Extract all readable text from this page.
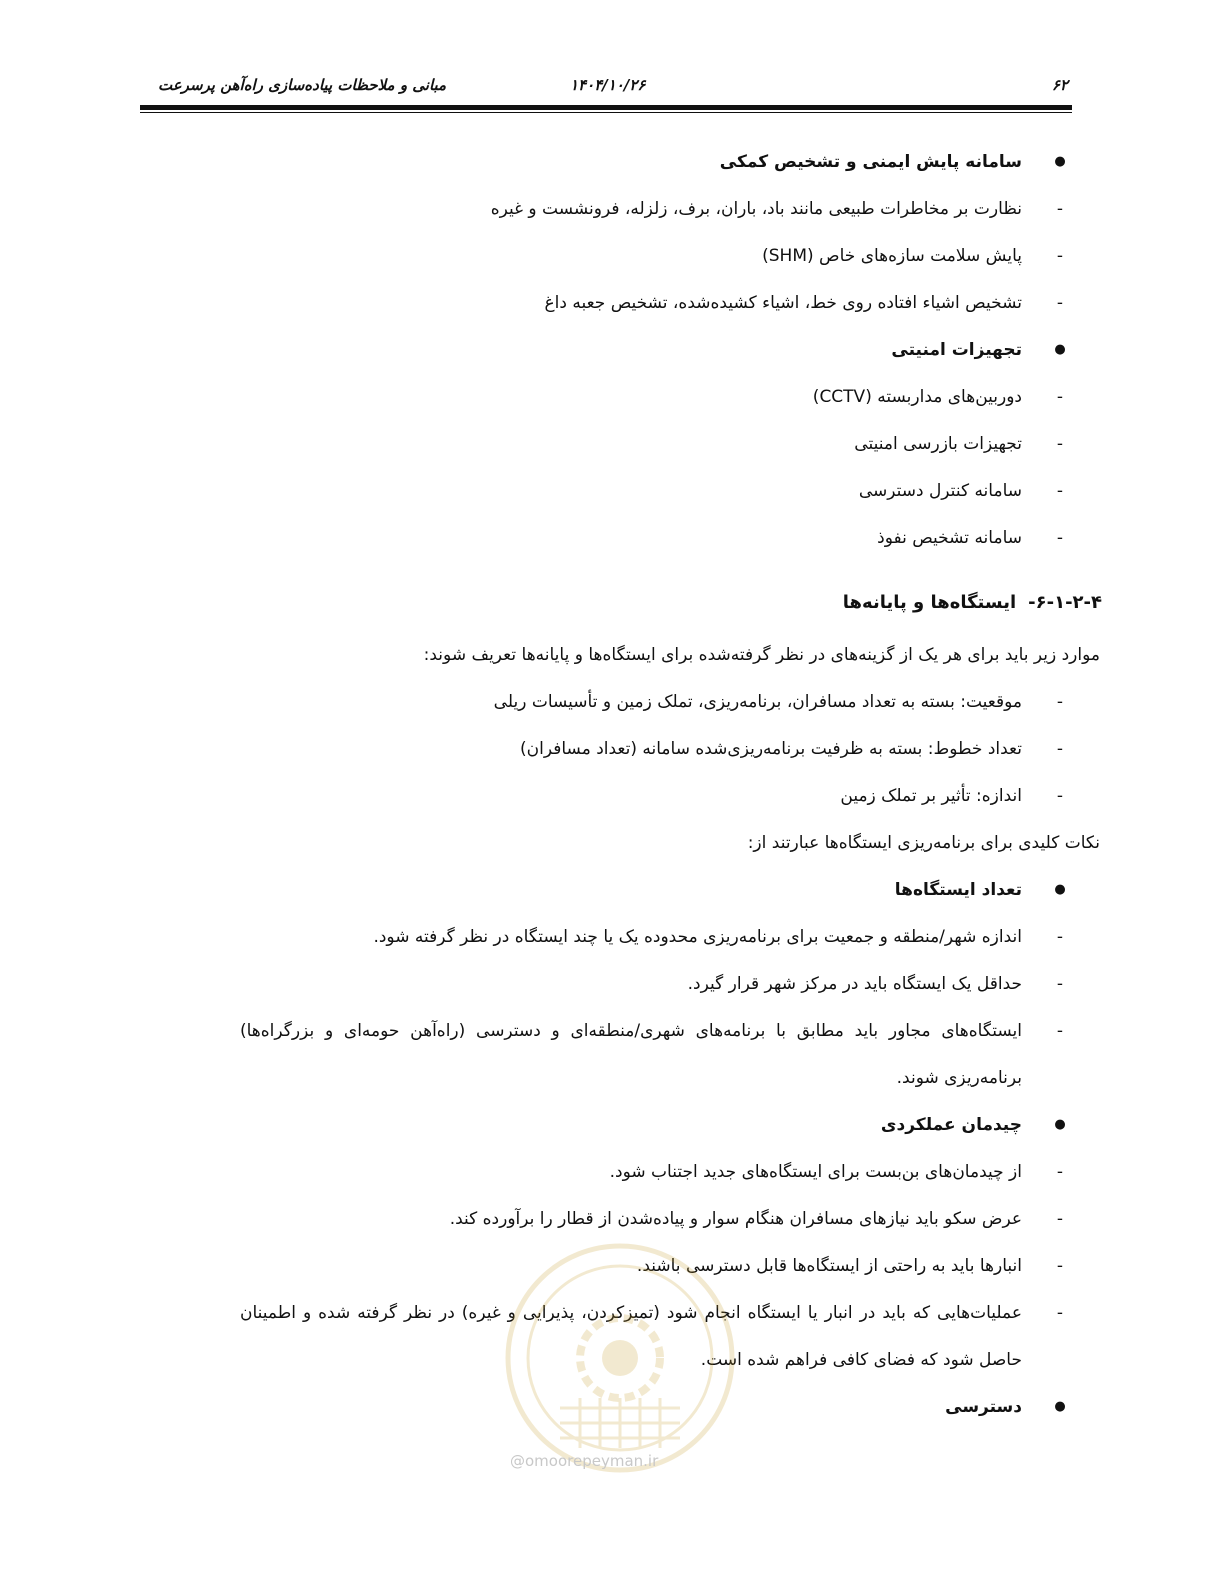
۶۲
۱۴۰۴/۱۰/۲۶
مبانی و ملاحظات پیاده‌سازی راه‌آهن پرسرعت
●
سامانه پایش ایمنی و تشخیص کمکی
-
نظارت بر مخاطرات طبیعی مانند باد، باران، برف، زلزله، فرونشست و غیره
-
پایش سلامت سازه‌های خاص (SHM)
-
تشخیص اشیاء افتاده روی خط، اشیاء کشیده‌شده، تشخیص جعبه داغ
●
تجهیزات امنیتی
-
دوربین‌های مداربسته (CCTV)
-
تجهیزات بازرسی امنیتی
-
سامانه کنترل دسترسی
-
سامانه تشخیص نفوذ
۶-۱-۲-۴-ایستگاه‌ها و پایانه‌ها
موارد زیر باید برای هر یک از گزینه‌های در نظر گرفته‌شده برای ایستگاه‌ها و پایانه‌ها تعریف شوند:
-
موقعیت: بسته به تعداد مسافران، برنامه‌ریزی، تملک زمین و تأسیسات ریلی
-
تعداد خطوط: بسته به ظرفیت برنامه‌ریزی‌شده سامانه (تعداد مسافران)
-
اندازه: تأثیر بر تملک زمین
نکات کلیدی برای برنامه‌ریزی ایستگاه‌ها عبارتند از:
●
تعداد ایستگاه‌ها
-
اندازه شهر/منطقه و جمعیت برای برنامه‌ریزی محدوده یک یا چند ایستگاه در نظر گرفته شود.
-
حداقل یک ایستگاه باید در مرکز شهر قرار گیرد.
-
ایستگاه‌های مجاور باید مطابق با برنامه‌های شهری/منطقه‌ای و دسترسی (راه‌آهن حومه‌ای و بزرگراه‌ها)
برنامه‌ریزی شوند.
●
چیدمان عملکردی
-
از چیدمان‌های بن‌بست برای ایستگاه‌های جدید اجتناب شود.
-
عرض سکو باید نیازهای مسافران هنگام سوار و پیاده‌شدن از قطار را برآورده کند.
-
انبارها باید به راحتی از ایستگاه‌ها قابل دسترسی باشند.
-
عملیات‌هایی که باید در انبار یا ایستگاه انجام شود (تمیزکردن، پذیرایی و غیره) در نظر گرفته شده و اطمینان
حاصل شود که فضای کافی فراهم شده است.
●
دسترسی
@omoorepeyman.ir
